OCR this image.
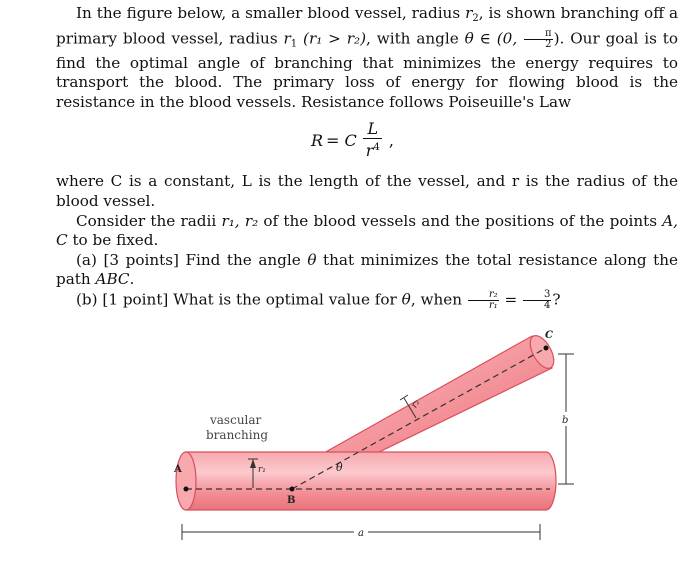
In the figure below, a smaller blood vessel, radius $r_2$, is shown branching off a primary blood vessel, radius $r_1$ (r₁ > r₂), with angle θ ∈ (0, $\frac{\pi}{2}$ ). Our goal is to find the optimal angle of branching that minimizes the energy requires to transport the blood. The primary loss of energy for flowing blood is the resistance in the blood vessels. Resistance follows Poiseuille's Law

R = C $\frac{L}{r^4}$ ,

where C is a constant, L is the length of the vessel, and r is the radius of the blood vessel.

Consider the radii r₁, r₂ of the blood vessels and the positions of the points A, C to be fixed.

(a) [3 points] Find the angle θ that minimizes the total resistance along the path ABC.

(b) [1 point] What is the optimal value for θ, when $\frac{\text{r₂}}{\text{r₁}} = \frac{3}{4}$ ?

vascular
branching
A
B
C
θ
r₁
r₂
a
b
